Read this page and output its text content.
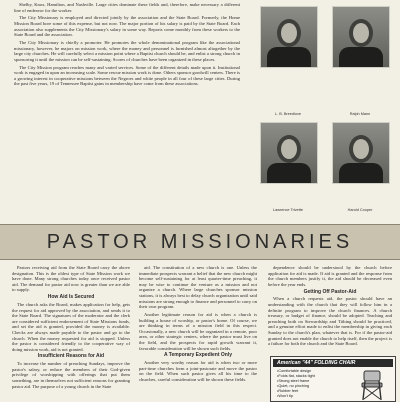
Shelby, Knox, Hamilton, and Nashville. Large cities dominate these fields and, therefore, make necessary a different line of endeavor for the worker.

The City Missionary is employed and directed jointly by the association and the State Board. Formerly, the Home Mission Board bore some of this expense, but not now. The major portion of his salary is paid by the State Board. Each association also supplements the City Missionary's salary in some way. Reports come monthly from these workers to the State Board and the association.

The City Missionary is chiefly a promoter. He promotes the whole denominational program like the associational missionary, however, he majors on mission work, where the money and personnel is furnished almost altogether by the large city churches. He will carefully select a mission point where a Baptist church should be, and enlist a strong church in sponsoring it until the mission can be self-sustaining. Scores of churches have been organized in these places.

The City Mission program reaches many and varied services. Some of the different details made upon it. Institutional work is engaged in upon an increasing scale. Some rescue mission work is done. Others sponsor goodwill centers. There is a growing interest in cooperative missions between the Negroes and white people in all four of these large cities. During the past five years, 19 of Tennessee Baptist gains in membership have come from these associations.

L. B. Breedlove	Ralph Mann
Lawrence Trivette	Harold Cooper
PASTOR MISSIONARIES

Pastors receiving aid from the State Board carry the above designation. This is the oldest type of State Mission work we have done. Many strong churches today once received pastor aid. The demand for pastor aid now is greater than we are able to supply.

How Aid Is Secured

The church asks the Board, makes application for help, gets the request for aid approved by the association, and sends it to the State Board. The signatures of the moderator and the clerk are considered sufficient endorsement of State Missions funds, and set the aid is granted, provided the money is available. Checks are always made payable to the pastor and go to the church. When the money requested for aid is stopped. Unless the pastor is considered friendly to the cooperative way of doing mission work, aid is not granted.

Insufficient Reasons for Aid

To increase the number of preaching Sundays, improve the pastor's salary, or reduce the members of their God-given privilege of worshipping with offerings that put them something, are in themselves not sufficient reasons for granting pastor aid. The purpose of a young church in the State

aid. The constitution of a new church is one. Unless the immediate prospects warrant a belief that the new church might become self-sustaining for at least quarter-time preaching, it may be wise to continue the venture as a mission and not organize a church. Where large churches sponsor mission stations, it is always best to delay church organization until said missions are strong enough to finance and personnel to carry on their own program.

Another legitimate reason for aid is when a church is building a house of worship, or pastor's home. Of course, we are thinking in terms of a mission field in this respect. Occasionally, a new church will be organized in a remote, poor area, or other strategic centers, where the pastor must live on the field, and the prospects for rapid growth warrant it, favorable consideration will be shown such fields.

A Temporary Expedient Only

Another very worthy reason for aid is when two or more part-time churches form a joint-pastorate and move the pastor on the field. When such pastor gives all his time to the churches, careful consideration will be shown these fields.

dependence should be understood by the church before application for aid is made. If aid is granted and the response from the church members justify it, the aid should be decreased even before the year ends.

Getting Off Pastor-Aid

When a church requests aid, the pastor should have an understanding with the church that they will follow him in a definite program to improve the church finances. A church treasury, or budget of finance, should be adopted. Teaching and preaching both on Stewardship and Tithing should be practiced, and a genuine effort made to enlist the membership in giving each Sunday to the church's plan, whatever that is. For if the pastor-aid granted does not enable the church to help itself, then the project is a failure for both the church and the State Board.

American "44" FOLDING CHAIR
• Comfortable design
• Folds flat, stacks tight
• Strong steel frame
• Quiet, no pinching
• Rubber feet
• Won't tip
